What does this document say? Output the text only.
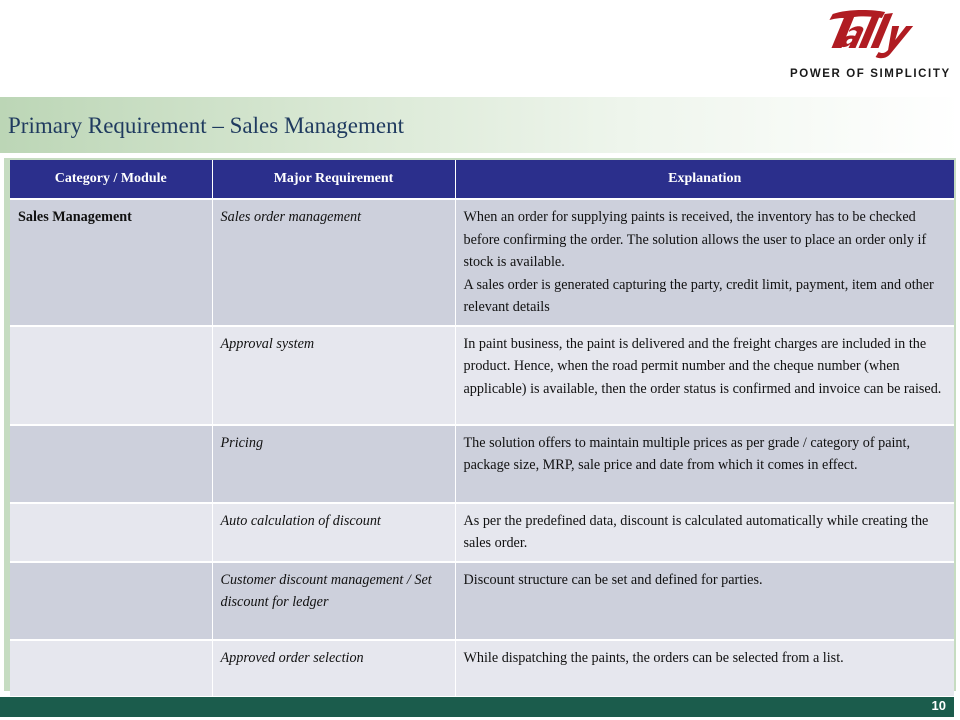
POWER OF SIMPLICITY
Primary Requirement – Sales Management
Category / Module	Major Requirement	Explanation
Sales Management	Sales order management	When an order for supplying paints is received, the inventory has to be checked before confirming the order. The solution allows the user to place an order only if stock is available.
A sales order is generated capturing the party, credit limit, payment, item and other relevant details
	Approval system	In paint business, the paint is delivered and the freight charges are included in the product. Hence, when the road permit number and the cheque number (when applicable) is available, then the order status is confirmed and invoice can be raised.
	Pricing	The solution offers to maintain multiple prices as per grade / category of paint, package size, MRP, sale price and date from which it comes in effect.
	Auto calculation of discount	As per the predefined data, discount is calculated automatically while creating the sales order.
	Customer discount management / Set discount for ledger	Discount structure can be set and defined for parties.
	Approved order selection	While dispatching the paints, the orders can be selected from a list.
10
